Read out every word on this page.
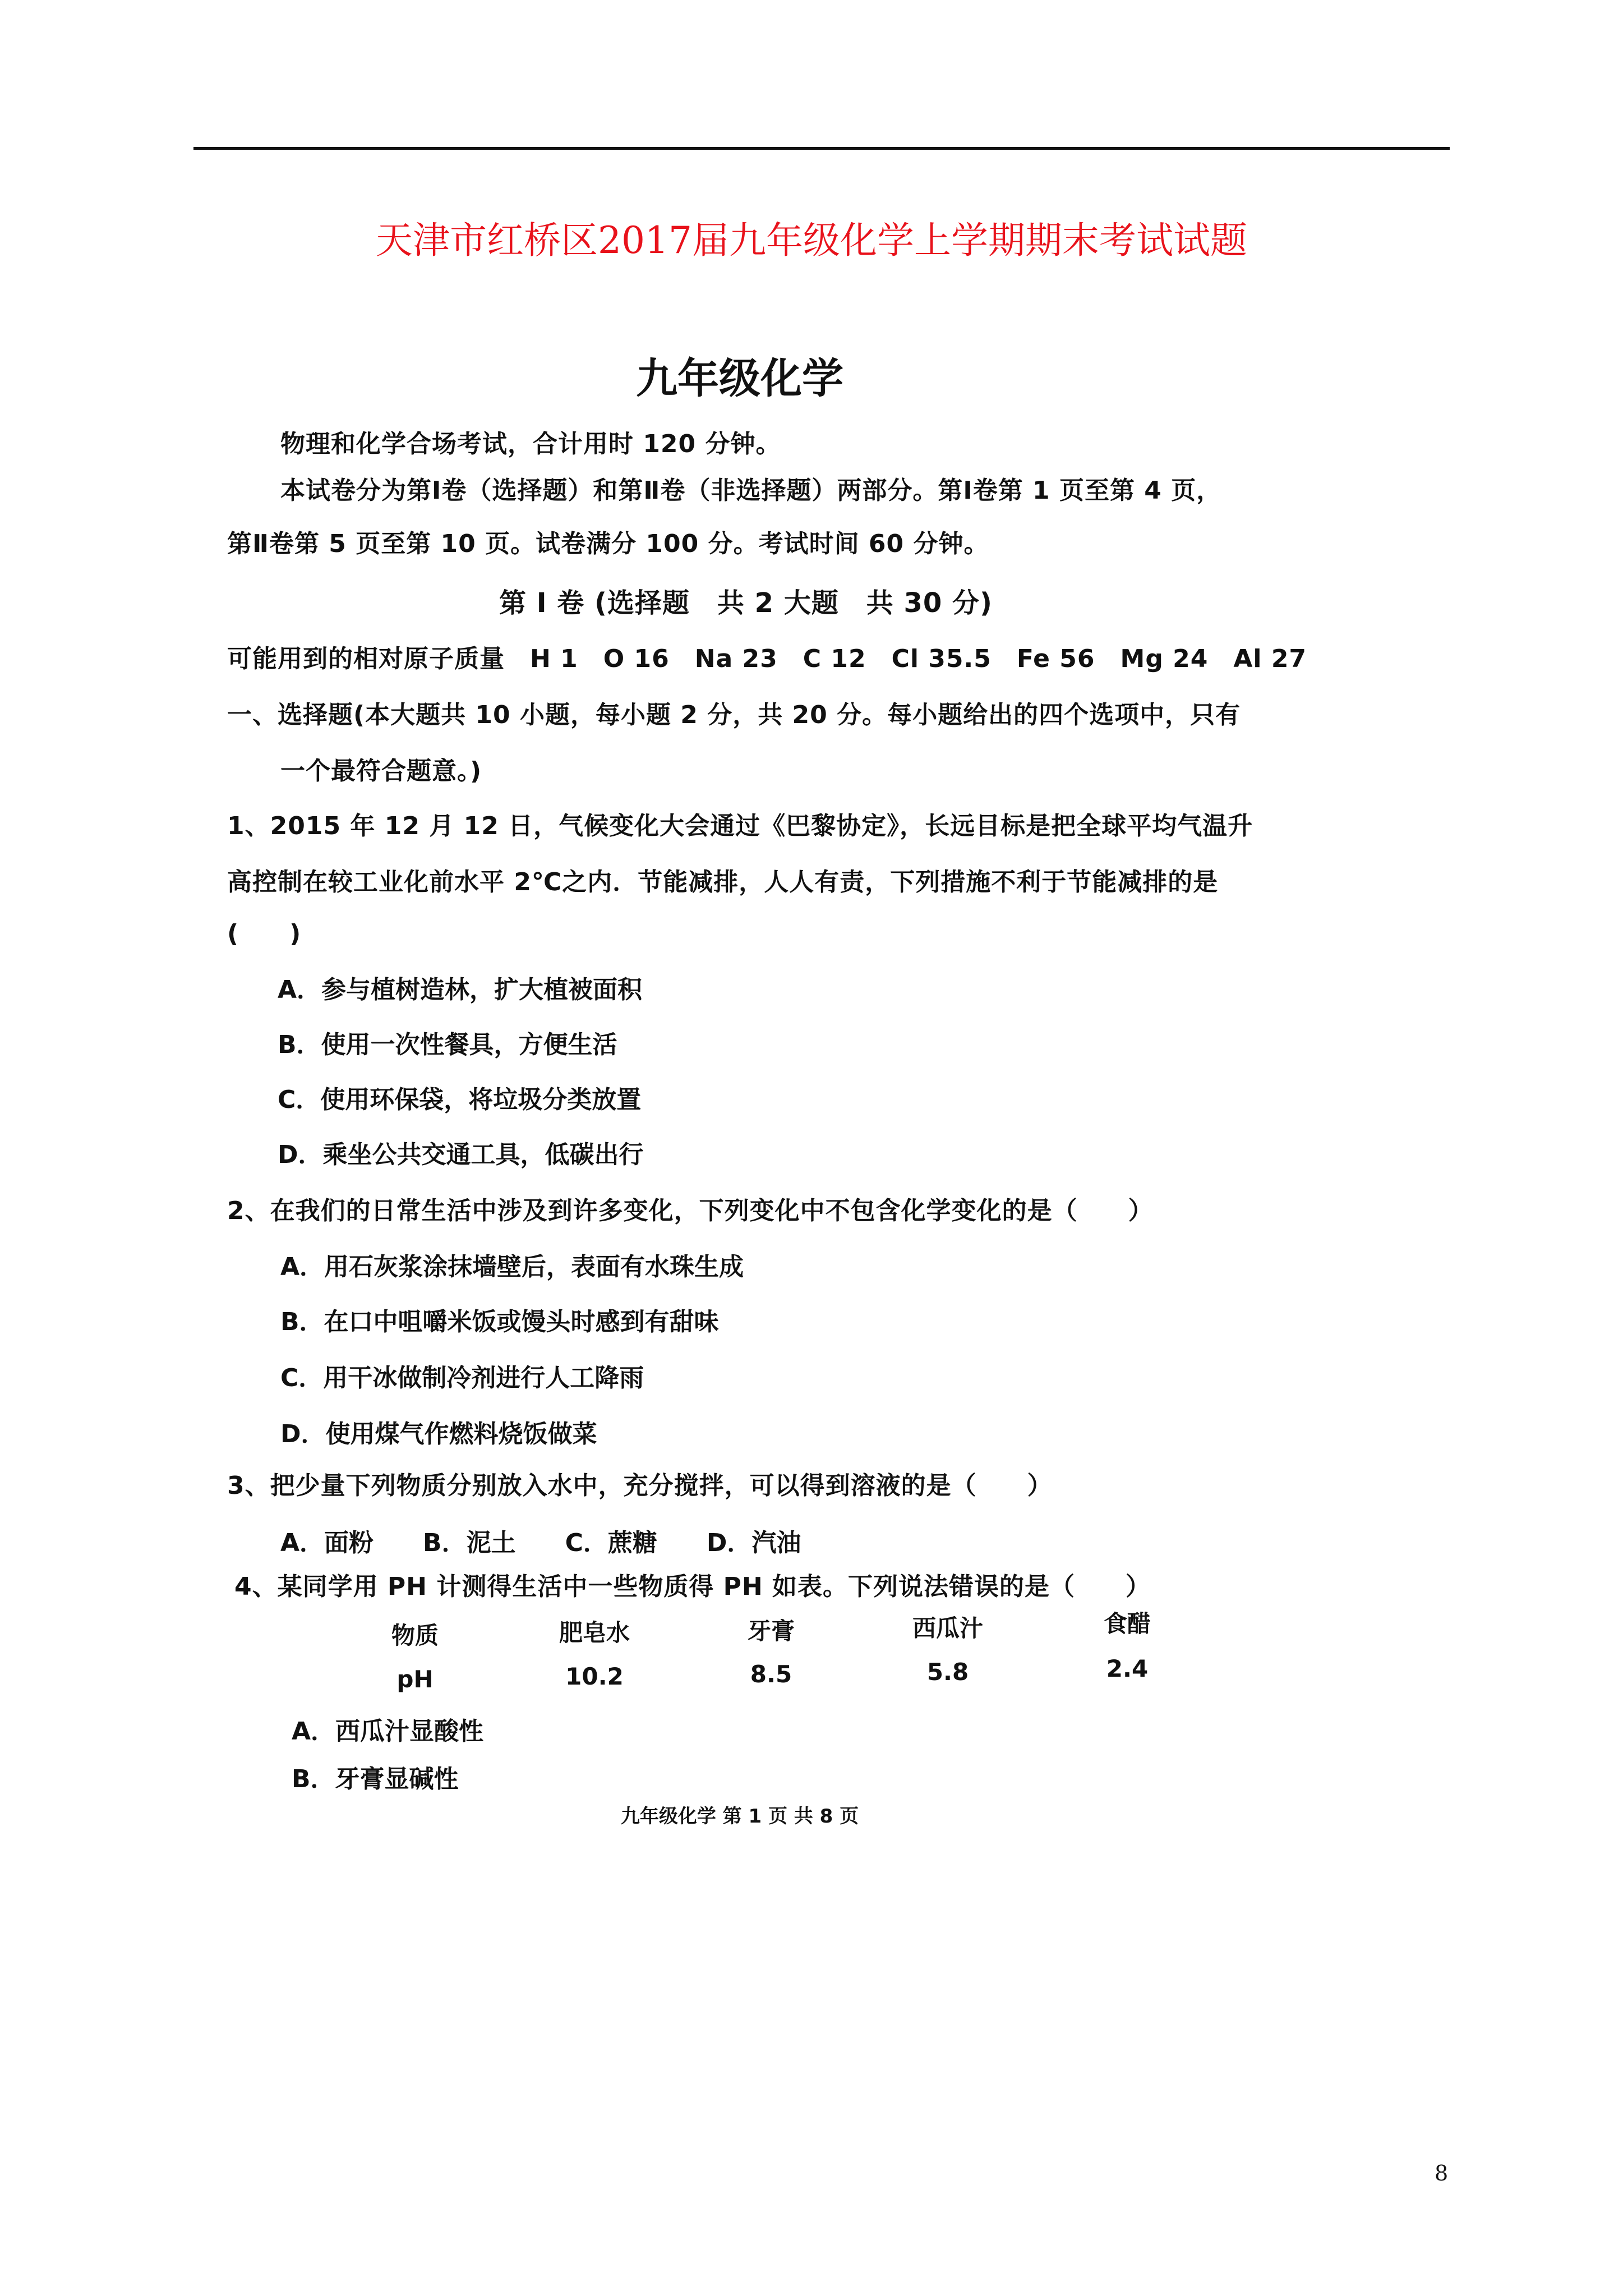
天津市红桥区2017届九年级化学上学期期末考试试题
九年级化学
物理和化学合场考试，合计用时 120 分钟。
本试卷分为第Ⅰ卷（选择题）和第Ⅱ卷（非选择题）两部分。第Ⅰ卷第 1 页至第 4 页，
第Ⅱ卷第 5 页至第 10 页。试卷满分 100 分。考试时间 60 分钟。
第 Ⅰ 卷 (选择题　共 2 大题　共 30 分)
可能用到的相对原子质量　H 1　O 16　Na 23　C 12　Cl 35.5　Fe 56　Mg 24　Al 27
一、选择题(本大题共 10 小题，每小题 2 分，共 20 分。每小题给出的四个选项中，只有
一个最符合题意。)
1、2015 年 12 月 12 日，气候变化大会通过《巴黎协定》，长远目标是把全球平均气温升
高控制在较工业化前水平 2℃之内．节能减排，人人有责，下列措施不利于节能减排的是
(　　)
A．参与植树造林，扩大植被面积
B．使用一次性餐具，方便生活
C．使用环保袋，将垃圾分类放置
D．乘坐公共交通工具，低碳出行
2、在我们的日常生活中涉及到许多变化，下列变化中不包含化学变化的是（　　）
A．用石灰浆涂抹墙壁后，表面有水珠生成
B．在口中咀嚼米饭或馒头时感到有甜味
C．用干冰做制冷剂进行人工降雨
D．使用煤气作燃料烧饭做菜
3、把少量下列物质分别放入水中，充分搅拌，可以得到溶液的是（　　）
A．面粉　　B．泥土　　C．蔗糖　　D．汽油
4、某同学用 PH 计测得生活中一些物质得 PH 如表。下列说法错误的是（　　）
物质	肥皂水	牙膏	西瓜汁	食醋
pH	10.2	8.5	5.8	2.4
A．西瓜汁显酸性
B．牙膏显碱性
九年级化学 第 1 页 共 8 页
8
